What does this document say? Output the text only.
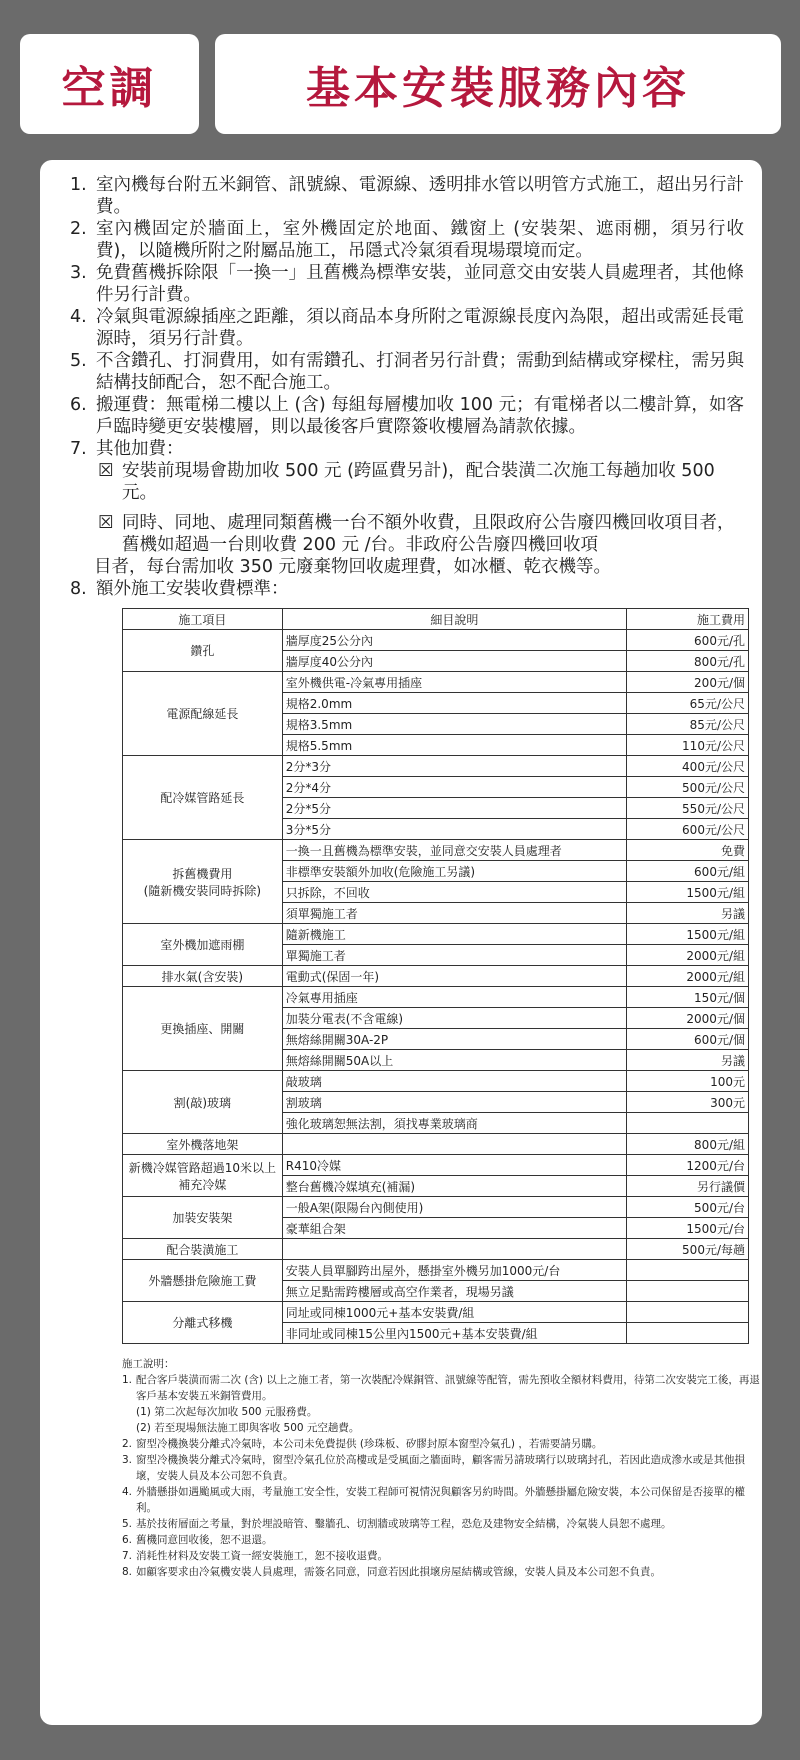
空調	基本安裝服務內容
1. 室內機每台附五米銅管、訊號線、電源線、透明排水管以明管方式施工，超出另行計費。
2. 室內機固定於牆面上，室外機固定於地面、鐵窗上 (安裝架、遮雨棚，須另行收費)，以隨機所附之附屬品施工，吊隱式冷氣須看現場環境而定。
3. 免費舊機拆除限「一換一」且舊機為標準安裝，並同意交由安裝人員處理者，其他條件另行計費。
4. 冷氣與電源線插座之距離，須以商品本身所附之電源線長度內為限，超出或需延長電源時，須另行計費。
5. 不含鑽孔、打洞費用，如有需鑽孔、打洞者另行計費；需動到結構或穿樑柱，需另與結構技師配合，恕不配合施工。
6. 搬運費：無電梯二樓以上 (含) 每組每層樓加收 100 元；有電梯者以二樓計算，如客戶臨時變更安裝樓層，則以最後客戶實際簽收樓層為請款依據。
7. 其他加費：
☒ 安裝前現場會勘加收 500 元 (跨區費另計)，配合裝潢二次施工每趟加收 500 元。
☒ 同時、同地、處理同類舊機一台不額外收費，且限政府公告廢四機回收項目者，舊機如超過一台則收費 200 元 /台。非政府公告廢四機回收項
目者，每台需加收 350 元廢棄物回收處理費，如冰櫃、乾衣機等。
8. 額外施工安裝收費標準：
施工項目	細目說明	施工費用
鑽孔	牆厚度25公分內	600元/孔
	牆厚度40公分內	800元/孔
電源配線延長	室外機供電-冷氣專用插座	200元/個
	規格2.0mm	65元/公尺
	規格3.5mm	85元/公尺
	規格5.5mm	110元/公尺
配冷媒管路延長	2分*3分	400元/公尺
	2分*4分	500元/公尺
	2分*5分	550元/公尺
	3分*5分	600元/公尺
拆舊機費用
(隨新機安裝同時拆除)	一換一且舊機為標準安裝，並同意交安裝人員處理者	免費
	非標準安裝額外加收(危險施工另議)	600元/組
	只拆除，不回收	1500元/組
	須單獨施工者	另議
室外機加遮雨棚	隨新機施工	1500元/組
	單獨施工者	2000元/組
排水氣(含安裝)	電動式(保固一年)	2000元/組
更換插座、開關	冷氣專用插座	150元/個
	加裝分電表(不含電線)	2000元/個
	無熔絲開關30A-2P	600元/個
	無熔絲開關50A以上	另議
割(敲)玻璃	敲玻璃	100元
	割玻璃	300元
	強化玻璃恕無法割，須找專業玻璃商	
室外機落地架		800元/組
新機冷媒管路超過10米以上
補充冷媒	R410冷媒	1200元/台
	整台舊機冷媒填充(補漏)	另行議價
加裝安裝架	一般A架(限陽台內側使用)	500元/台
	豪華組合架	1500元/台
配合裝潢施工		500元/每趟
外牆懸掛危險施工費	安裝人員單腳跨出屋外，懸掛室外機另加1000元/台	
	無立足點需跨樓層或高空作業者，現場另議	
分離式移機	同址或同棟1000元+基本安裝費/組	
	非同址或同棟15公里內1500元+基本安裝費/組	
施工說明：
1. 配合客戶裝潢而需二次 (含) 以上之施工者，第一次裝配冷媒銅管、訊號線等配管，需先預收全額材料費用，待第二次安裝完工後，再退客戶基本安裝五米銅管費用。
(1) 第二次起每次加收 500 元服務費。
(2) 若至現場無法施工即與客收 500 元空趟費。
2. 窗型冷機換裝分離式冷氣時，本公司未免費提供 (珍珠板、矽膠封原本窗型冷氣孔) ，若需要請另購。
3. 窗型冷機換裝分離式冷氣時，窗型冷氣孔位於高樓或是受風面之牆面時，顧客需另請玻璃行以玻璃封孔，若因此造成滲水或是其他損壞，安裝人員及本公司恕不負責。
4. 外牆懸掛如遇颱風或大雨，考量施工安全性，安裝工程師可視情況與顧客另約時間。外牆懸掛屬危險安裝，本公司保留是否接單的權利。
5. 基於技術層面之考量，對於埋設暗管、鑿牆孔、切割牆或玻璃等工程，恐危及建物安全結構，冷氣裝人員恕不處理。
6. 舊機同意回收後，恕不退還。
7. 消耗性材料及安裝工資一經安裝施工，恕不接收退費。
8. 如顧客要求由冷氣機安裝人員處理，需簽名同意，同意若因此損壞房屋結構或管線，安裝人員及本公司恕不負責。
